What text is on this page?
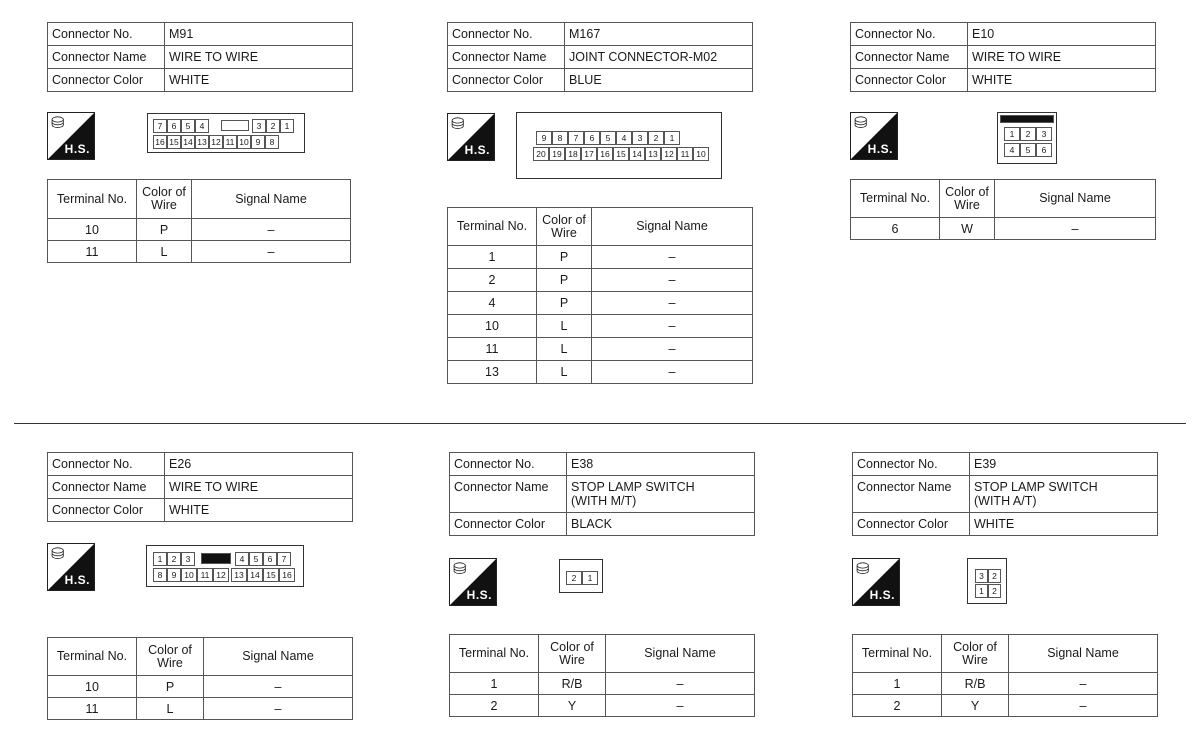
Connector No.	M91
Connector Name	WIRE TO WIRE
Connector Color	WHITE
⛁
H.S.
7	6	5	4	3	2	1
16 15 14 13 12 11 10 9	8
Terminal No.	Color of Wire	Signal Name
10	P	–
11	L	–
Connector No.	M167
Connector Name	JOINT CONNECTOR-M02
Connector Color	BLUE
⛁
H.S.
9	8	7	6	5	4	3	2	1
20 19 18 17 16 15 14 13 12 11 10
Terminal No.	Color of Wire	Signal Name
1	P	–
2	P	–
4	P	–
10	L	–
11	L	–
13	L	–
Connector No.	E10
Connector Name	WIRE TO WIRE
Connector Color	WHITE
⛁
H.S.
1	2	3
4	5	6
Terminal No.	Color of Wire	Signal Name
6	W	–
Connector No.	E26
Connector Name	WIRE TO WIRE
Connector Color	WHITE
⛁
H.S.
1	2	3	4	5	6	7
8	9 10 11 12	13 14 15 16
Terminal No.	Color of Wire	Signal Name
10	P	–
11	L	–
Connector No.	E38
Connector Name	STOP LAMP SWITCH
(WITH M/T)
Connector Color	BLACK
⛁
H.S.
2	1
Terminal No.	Color of Wire	Signal Name
1	R/B	–
2	Y	–
Connector No.	E39
Connector Name	STOP LAMP SWITCH
(WITH A/T)
Connector Color	WHITE
⛁
H.S.
3 2
1 2
Terminal No.	Color of Wire	Signal Name
1	R/B	–
2	Y	–
